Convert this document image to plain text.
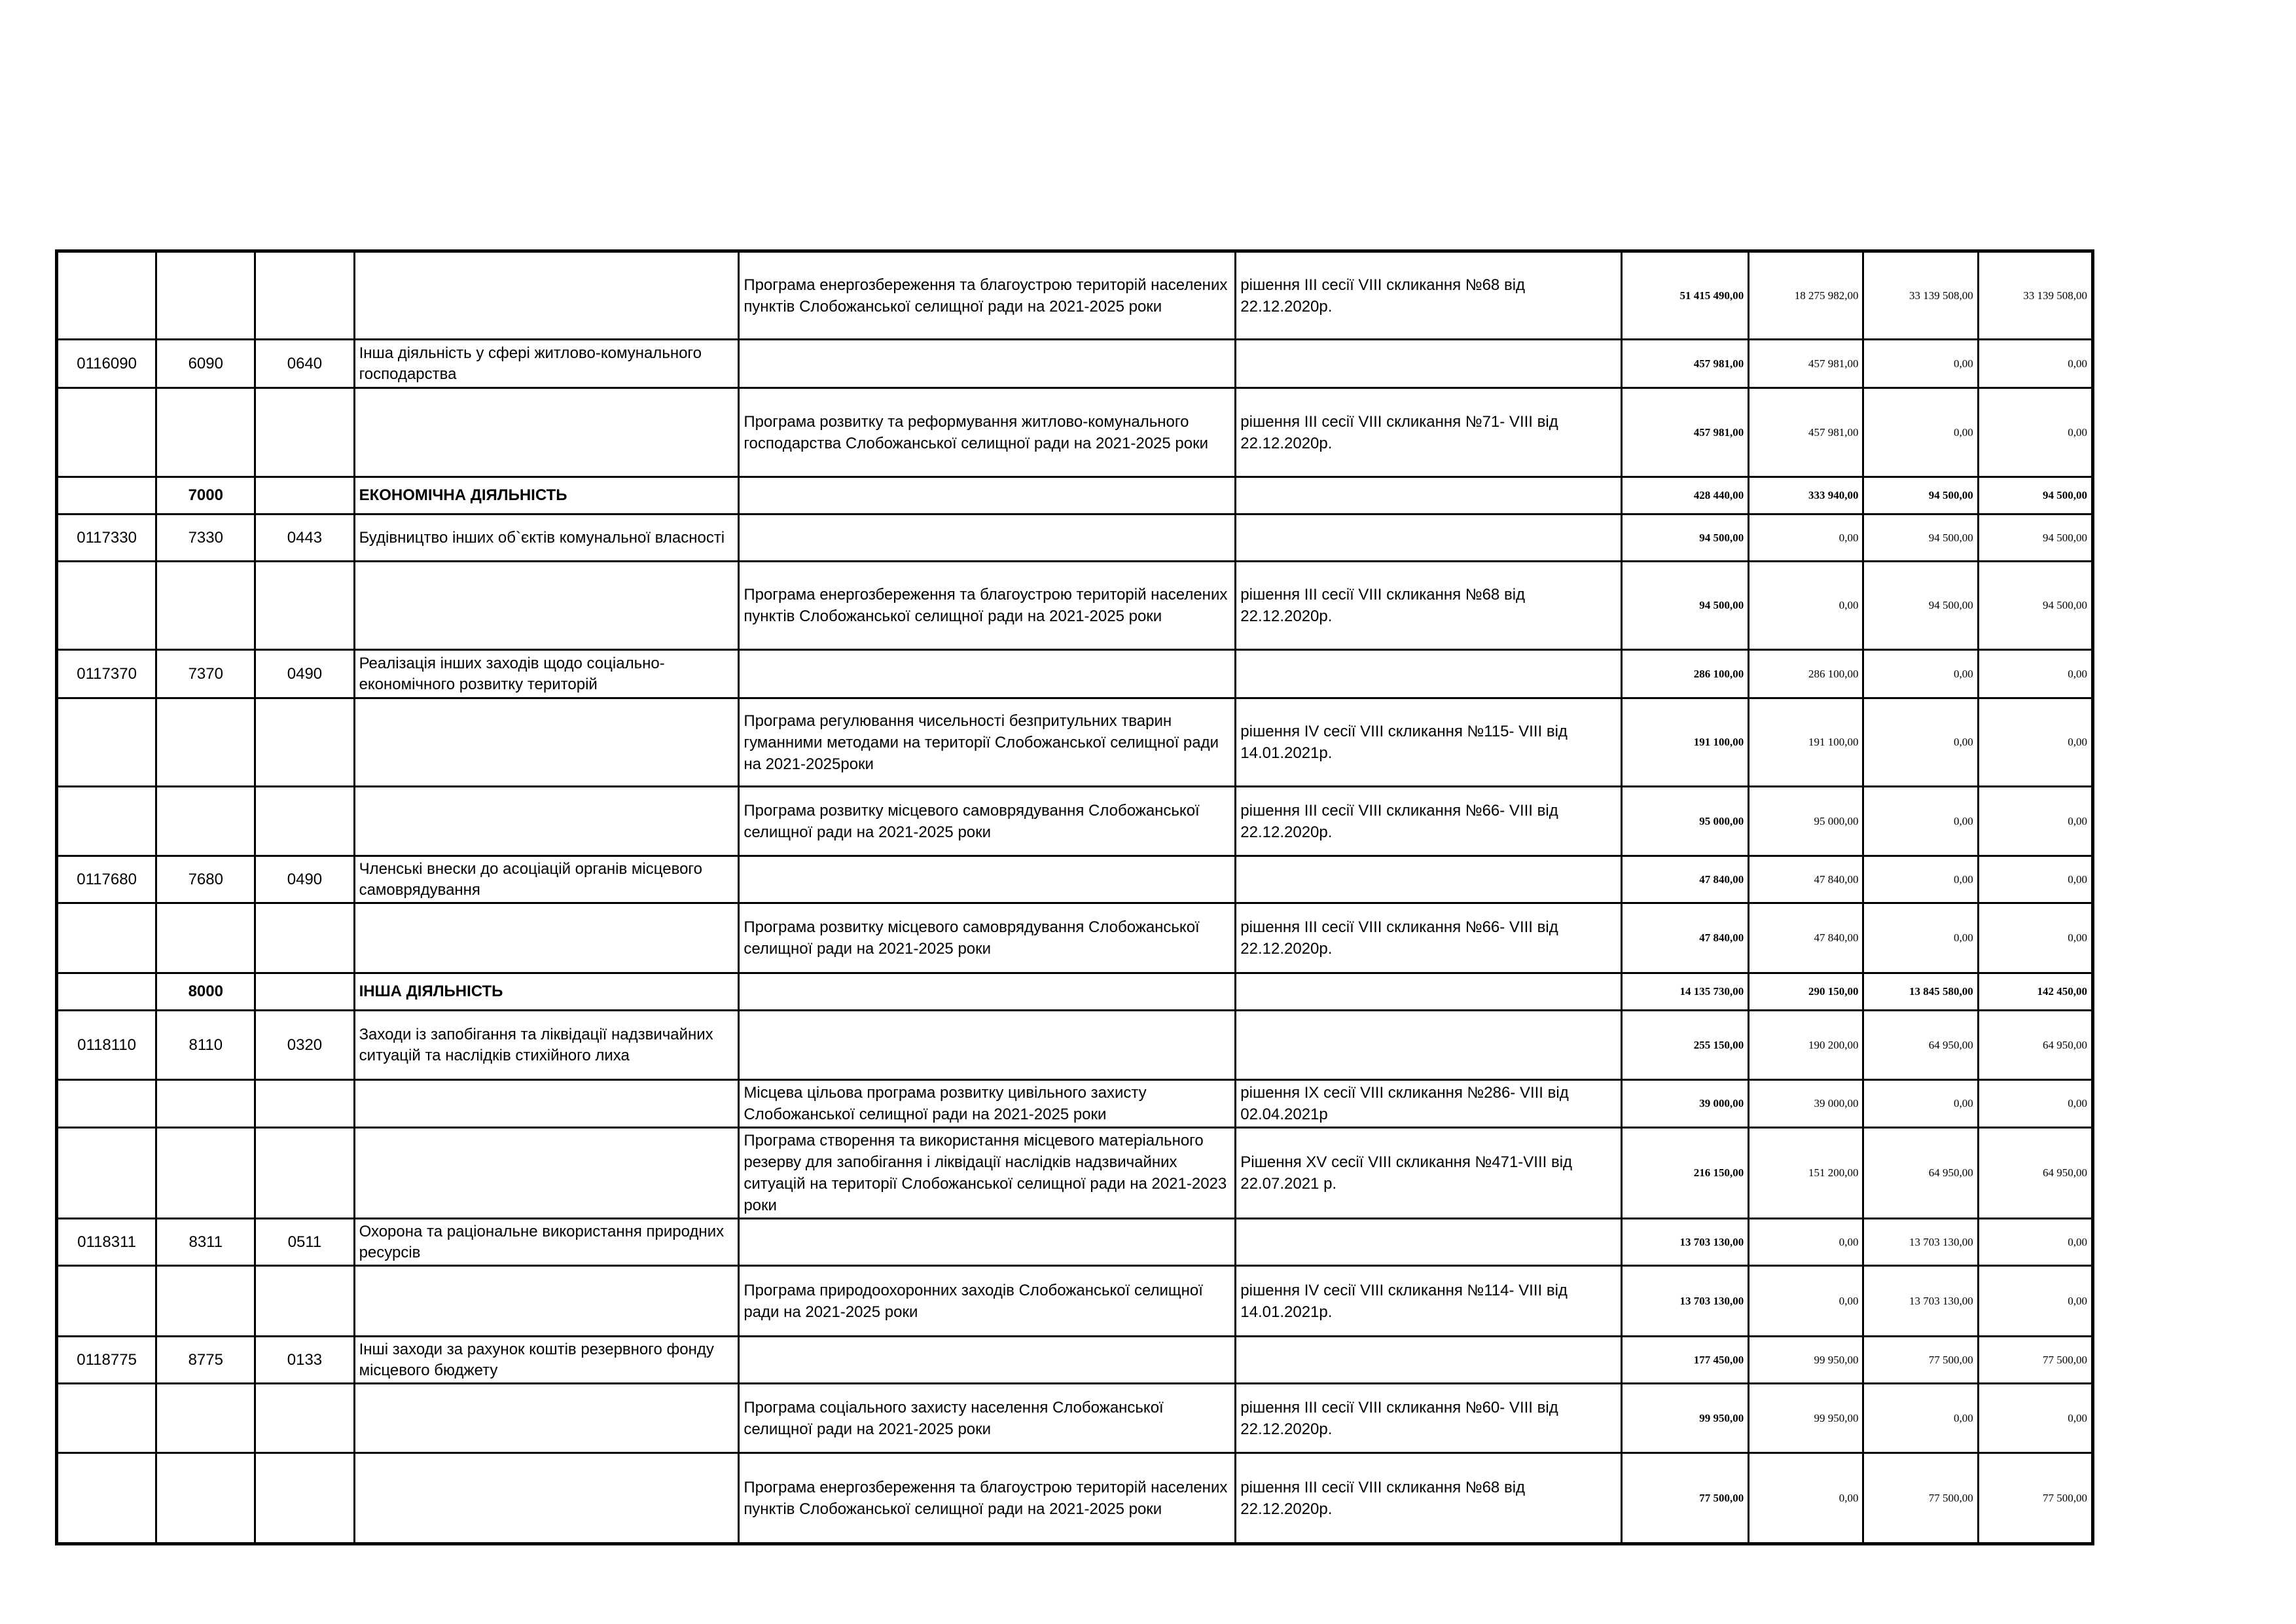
				Програма енергозбереження та благоустрою територій населених пунктів Слобожанської селищної ради на 2021-2025 роки	рішення ІІІ сесії VІІІ скликання №68 від 22.12.2020р.	51 415 490,00	18 275 982,00	33 139 508,00	33 139 508,00
0116090	6090	0640	Інша діяльність у сфері житлово-комунального господарства			457 981,00	457 981,00	0,00	0,00
				Програма розвитку та реформування житлово-комунального господарства Слобожанської селищної ради на 2021-2025 роки	рішення ІІІ сесії VІІІ скликання №71- VІІІ від 22.12.2020р.	457 981,00	457 981,00	0,00	0,00
	7000		ЕКОНОМІЧНА ДІЯЛЬНІСТЬ			428 440,00	333 940,00	94 500,00	94 500,00
0117330	7330	0443	Будівництво інших об`єктів комунальної власності			94 500,00	0,00	94 500,00	94 500,00
				Програма енергозбереження та благоустрою територій населених пунктів Слобожанської селищної ради на 2021-2025 роки	рішення ІІІ сесії VІІІ скликання №68 від 22.12.2020р.	94 500,00	0,00	94 500,00	94 500,00
0117370	7370	0490	Реалізація інших заходів щодо соціально-економічного розвитку територій			286 100,00	286 100,00	0,00	0,00
				Програма регулювання чисельності безпритульних тварин гуманними методами на території Слобожанської селищної ради на 2021-2025роки	рішення ІV сесії VІІІ скликання №115- VІІІ від 14.01.2021р.	191 100,00	191 100,00	0,00	0,00
				Програма розвитку місцевого самоврядування Слобожанської селищної ради на 2021-2025 роки	рішення ІІІ сесії VІІІ скликання №66- VІІІ від 22.12.2020р.	95 000,00	95 000,00	0,00	0,00
0117680	7680	0490	Членські внески до асоціацій органів місцевого самоврядування			47 840,00	47 840,00	0,00	0,00
				Програма розвитку місцевого самоврядування Слобожанської селищної ради на 2021-2025 роки	рішення ІІІ сесії VІІІ скликання №66- VІІІ від 22.12.2020р.	47 840,00	47 840,00	0,00	0,00
	8000		ІНША ДІЯЛЬНІСТЬ			14 135 730,00	290 150,00	13 845 580,00	142 450,00
0118110	8110	0320	Заходи із запобігання та ліквідації надзвичайних ситуацій та наслідків стихійного лиха			255 150,00	190 200,00	64 950,00	64 950,00
				Місцева цільова програма розвитку цивільного захисту Слобожанської селищної ради на 2021-2025 роки	рішення ІХ сесії VІІІ скликання №286- VІІІ від 02.04.2021р	39 000,00	39 000,00	0,00	0,00
				Програма створення та використання місцевого матеріального резерву для запобігання і ліквідації наслідків надзвичайних ситуацій на території Слобожанської селищної ради на 2021-2023 роки	Рішення XV сесії VIII скликання №471-VIII від 22.07.2021 р.	216 150,00	151 200,00	64 950,00	64 950,00
0118311	8311	0511	Охорона та раціональне використання природних ресурсів			13 703 130,00	0,00	13 703 130,00	0,00
				Програма природоохоронних заходів Слобожанської селищної ради на 2021-2025 роки	рішення ІV сесії VІІІ скликання №114- VІІІ від 14.01.2021р.	13 703 130,00	0,00	13 703 130,00	0,00
0118775	8775	0133	Інші заходи за рахунок коштів резервного фонду місцевого бюджету			177 450,00	99 950,00	77 500,00	77 500,00
				Програма соціального захисту населення Слобожанської селищної ради на 2021-2025 роки	рішення ІІІ сесії VІІІ скликання №60- VІІІ від 22.12.2020р.	99 950,00	99 950,00	0,00	0,00
				Програма енергозбереження та благоустрою територій населених пунктів Слобожанської селищної ради на 2021-2025 роки	рішення ІІІ сесії VІІІ скликання №68 від 22.12.2020р.	77 500,00	0,00	77 500,00	77 500,00
